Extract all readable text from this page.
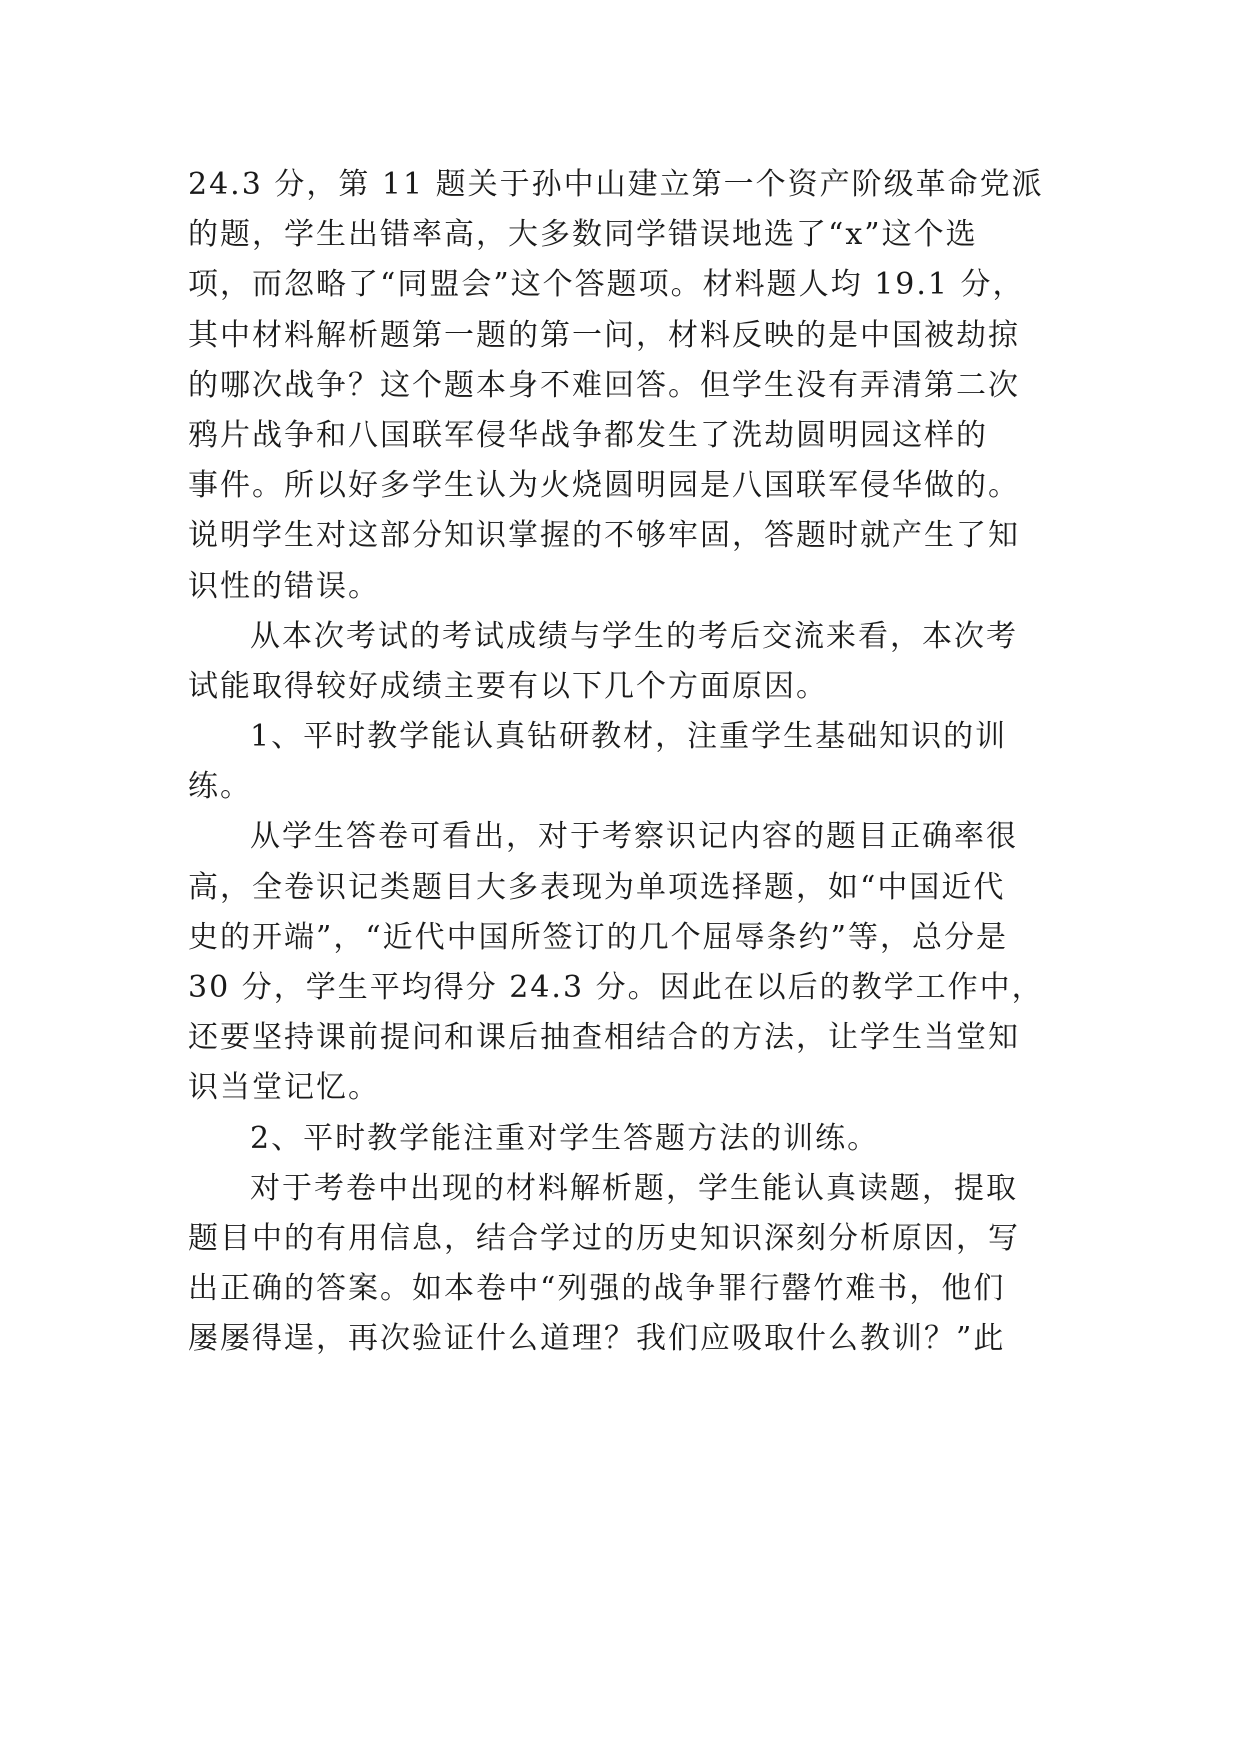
24.3 分，第 11 题关于孙中山建立第一个资产阶级革命党派
的题，学生出错率高，大多数同学错误地选了“x”这个选
项，而忽略了“同盟会”这个答题项。材料题人均 19.1 分，
其中材料解析题第一题的第一问，材料反映的是中国被劫掠
的哪次战争？这个题本身不难回答。但学生没有弄清第二次
鸦片战争和八国联军侵华战争都发生了洗劫圆明园这样的
事件。所以好多学生认为火烧圆明园是八国联军侵华做的。
说明学生对这部分知识掌握的不够牢固，答题时就产生了知
识性的错误。
从本次考试的考试成绩与学生的考后交流来看，本次考
试能取得较好成绩主要有以下几个方面原因。
1、平时教学能认真钻研教材，注重学生基础知识的训
练。
从学生答卷可看出，对于考察识记内容的题目正确率很
高，全卷识记类题目大多表现为单项选择题，如“中国近代
史的开端”，“近代中国所签订的几个屈辱条约”等，总分是
30 分，学生平均得分 24.3 分。因此在以后的教学工作中，
还要坚持课前提问和课后抽查相结合的方法，让学生当堂知
识当堂记忆。
2、平时教学能注重对学生答题方法的训练。
对于考卷中出现的材料解析题，学生能认真读题，提取
题目中的有用信息，结合学过的历史知识深刻分析原因，写
出正确的答案。如本卷中“列强的战争罪行罄竹难书，他们
屡屡得逞，再次验证什么道理？我们应吸取什么教训？”此
